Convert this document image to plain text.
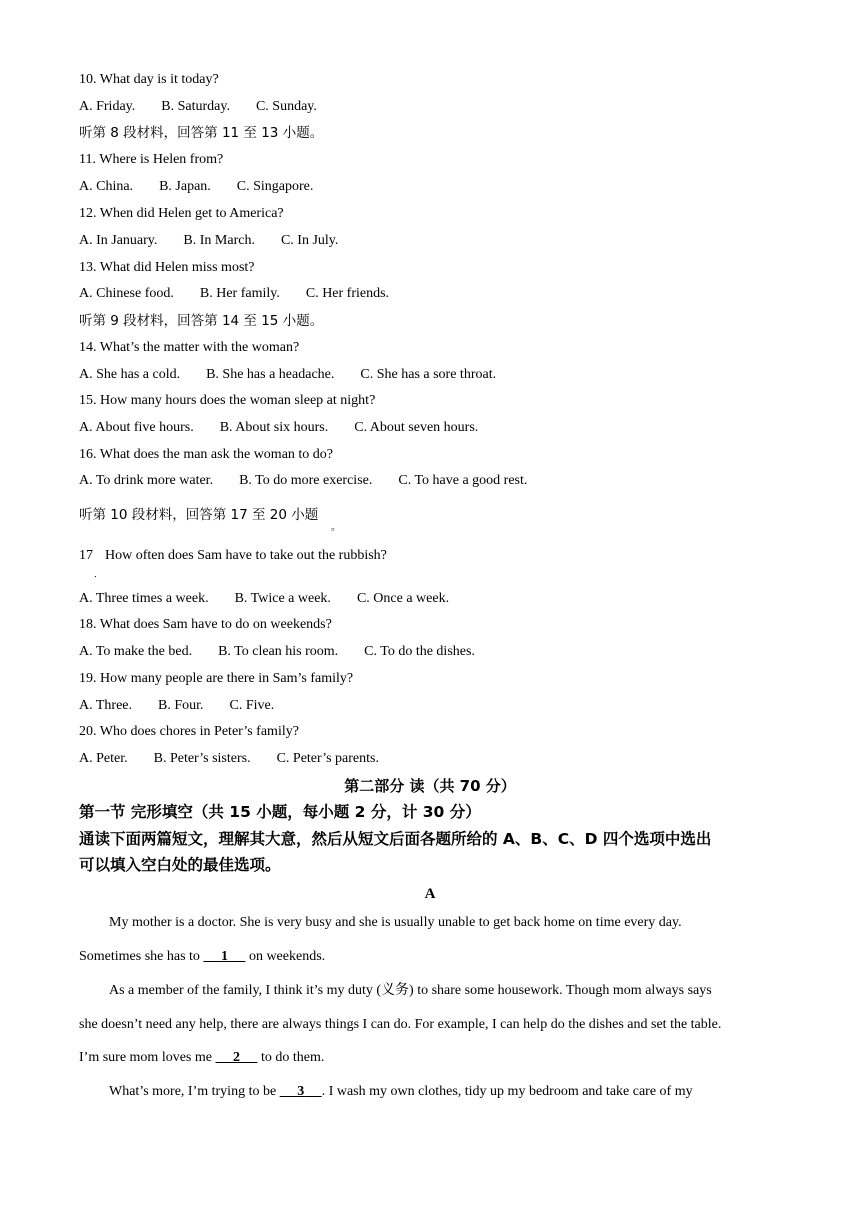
10. What day is it today?
A. Friday. B. Saturday. C. Sunday.
听第 8 段材料，回答第 11 至 13 小题。
11. Where is Helen from?
A. China. B. Japan. C. Singapore.
12. When did Helen get to America?
A. In January. B. In March. C. In July.
13. What did Helen miss most?
A. Chinese food. B. Her family. C. Her friends.
听第 9 段材料，回答第 14 至 15 小题。
14. What’s the matter with the woman?
A. She has a cold. B. She has a headache. C. She has a sore throat.
15. How many hours does the woman sleep at night?
A. About five hours. B. About six hours. C. About seven hours.
16. What does the man ask the woman to do?
A. To drink more water. B. To do more exercise. C. To have a good rest.
听第 10 段材料，回答第 17 至 20 小题
。
17 How often does Sam have to take out the rubbish?
．
A. Three times a week. B. Twice a week. C. Once a week.
18. What does Sam have to do on weekends?
A. To make the bed. B. To clean his room. C. To do the dishes.
19. How many people are there in Sam’s family?
A. Three. B. Four. C. Five.
20. Who does chores in Peter’s family?
A. Peter. B. Peter’s sisters. C. Peter’s parents.
第二部分 读（共 70 分）
第一节 完形填空（共 15 小题，每小题 2 分，计 30 分）
通读下面两篇短文，理解其大意，然后从短文后面各题所给的 A、B、C、D 四个选项中选出
可以填入空白处的最佳选项。
A
My mother is a doctor. She is very busy and she is usually unable to get back home on time every day.
Sometimes she has to      1      on weekends.
As a member of the family, I think it’s my duty (义务) to share some housework. Though mom always says
she doesn’t need any help, there are always things I can do. For example, I can help do the dishes and set the table.
I’m sure mom loves me      2      to do them.
What’s more, I’m trying to be      3 . I wash my own clothes, tidy up my bedroom and take care of my
